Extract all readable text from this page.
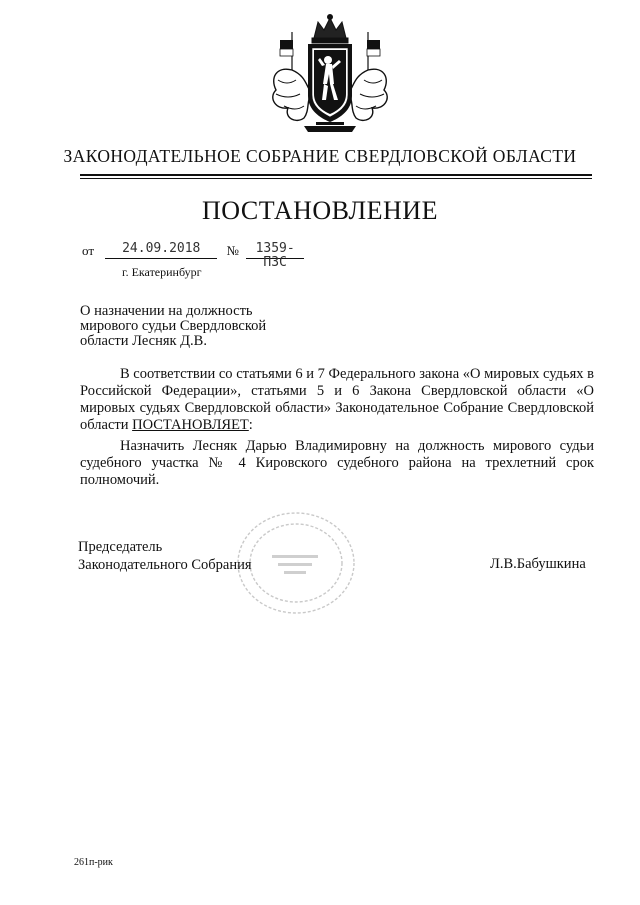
ЗАКОНОДАТЕЛЬНОЕ СОБРАНИЕ СВЕРДЛОВСКОЙ ОБЛАСТИ
ПОСТАНОВЛЕНИЕ
от 24.09.2018 № 1359-ПЗС
г. Екатеринбург
О назначении на должность
мирового судьи Свердловской
области Лесняк Д.В.
В соответствии со статьями 6 и 7 Федерального закона «О мировых судьях в Российской Федерации», статьями 5 и 6 Закона Свердловской области «О мировых судьях Свердловской области» Законодательное Собрание Свердловской области ПОСТАНОВЛЯЕТ:
Назначить Лесняк Дарью Владимировну на должность мирового судьи судебного участка № 4 Кировского судебного района на трехлетний срок полномочий.
Председатель
Законодательного Собрания	Л.В.Бабушкина
261п-рик
